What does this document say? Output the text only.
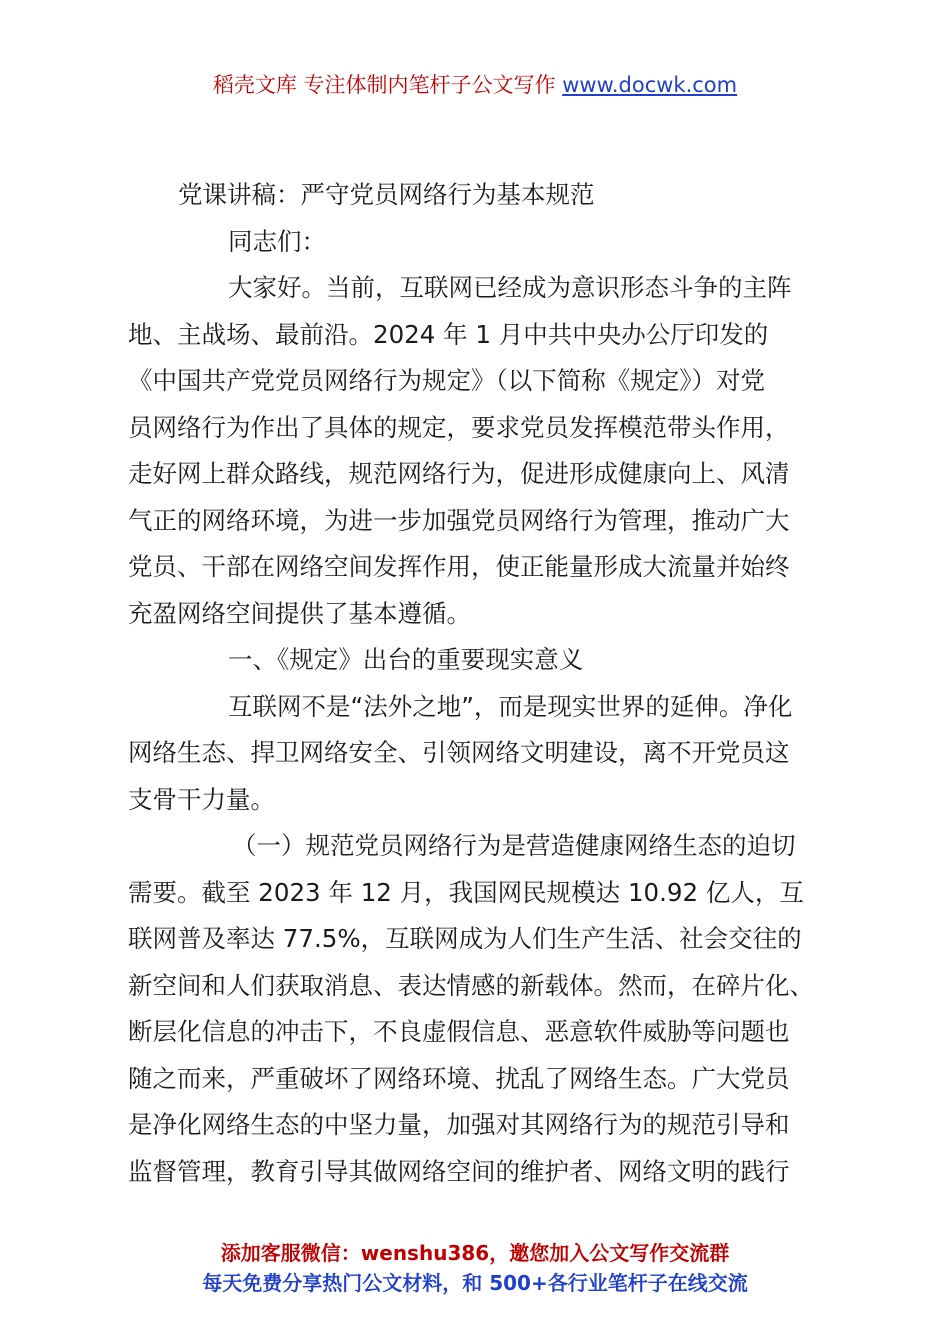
稻壳文库 专注体制内笔杆子公文写作 www.docwk.com
党课讲稿：严守党员网络行为基本规范
同志们：
大家好。当前，互联网已经成为意识形态斗争的主阵
地、主战场、最前沿。2024 年 1 月中共中央办公厅印发的
《中国共产党党员网络行为规定》（以下简称《规定》）对党
员网络行为作出了具体的规定，要求党员发挥模范带头作用，
走好网上群众路线，规范网络行为，促进形成健康向上、风清
气正的网络环境，为进一步加强党员网络行为管理，推动广大
党员、干部在网络空间发挥作用，使正能量形成大流量并始终
充盈网络空间提供了基本遵循。
一、《规定》出台的重要现实意义
互联网不是“法外之地”，而是现实世界的延伸。净化
网络生态、捍卫网络安全、引领网络文明建设，离不开党员这
支骨干力量。
（一）规范党员网络行为是营造健康网络生态的迫切
需要。截至 2023 年 12 月，我国网民规模达 10.92 亿人，互
联网普及率达 77.5%，互联网成为人们生产生活、社会交往的
新空间和人们获取消息、表达情感的新载体。然而，在碎片化、
断层化信息的冲击下，不良虚假信息、恶意软件威胁等问题也
随之而来，严重破坏了网络环境、扰乱了网络生态。广大党员
是净化网络生态的中坚力量，加强对其网络行为的规范引导和
监督管理，教育引导其做网络空间的维护者、网络文明的践行
添加客服微信：wenshu386，邀您加入公文写作交流群
每天免费分享热门公文材料，和 500+各行业笔杆子在线交流
